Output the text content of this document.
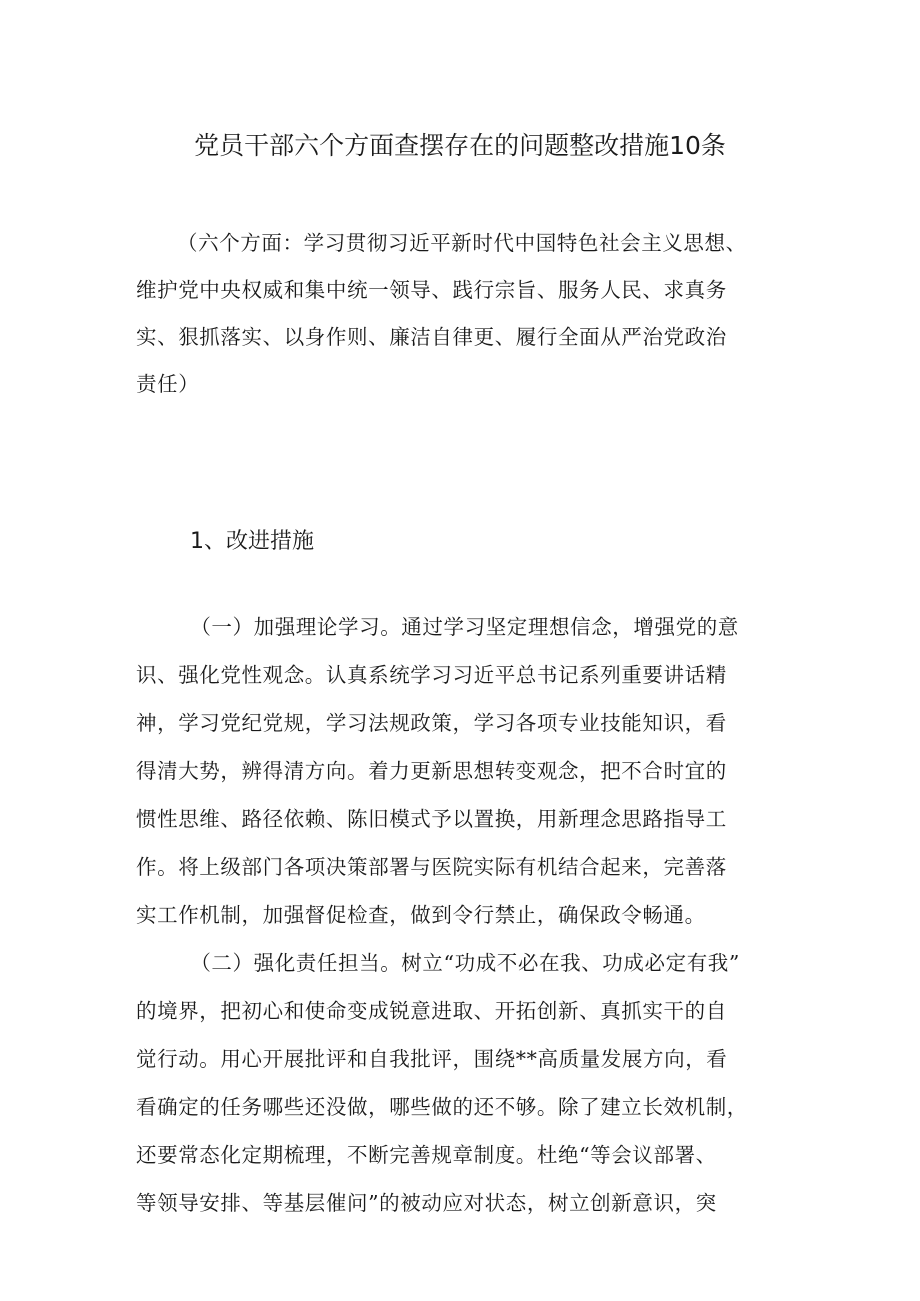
党员干部六个方面查摆存在的问题整改措施10条

（六个方面：学习贯彻习近平新时代中国特色社会主义思想、
维护党中央权威和集中统一领导、践行宗旨、服务人民、求真务
实、狠抓落实、以身作则、廉洁自律更、履行全面从严治党政治
责任）

1、改进措施

（一）加强理论学习。通过学习坚定理想信念，增强党的意
识、强化党性观念。认真系统学习习近平总书记系列重要讲话精
神，学习党纪党规，学习法规政策，学习各项专业技能知识，看
得清大势，辨得清方向。着力更新思想转变观念，把不合时宜的
惯性思维、路径依赖、陈旧模式予以置换，用新理念思路指导工
作。将上级部门各项决策部署与医院实际有机结合起来，完善落
实工作机制，加强督促检查，做到令行禁止，确保政令畅通。

（二）强化责任担当。树立“功成不必在我、功成必定有我”
的境界，把初心和使命变成锐意进取、开拓创新、真抓实干的自
觉行动。用心开展批评和自我批评，围绕**高质量发展方向，看
看确定的任务哪些还没做，哪些做的还不够。除了建立长效机制，
还要常态化定期梳理，不断完善规章制度。杜绝“等会议部署、
等领导安排、等基层催问”的被动应对状态，树立创新意识，突
